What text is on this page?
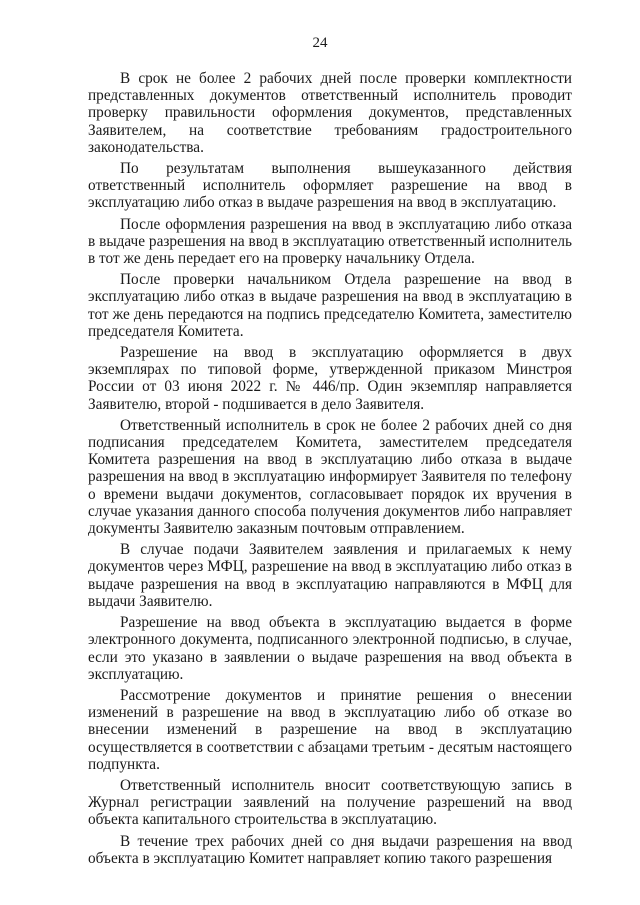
24

В срок не более 2 рабочих дней после проверки комплектности представленных документов ответственный исполнитель проводит проверку правильности оформления документов, представленных Заявителем, на соответствие требованиям градостроительного законодательства.

По результатам выполнения вышеуказанного действия ответственный исполнитель оформляет разрешение на ввод в эксплуатацию либо отказ в выдаче разрешения на ввод в эксплуатацию.

После оформления разрешения на ввод в эксплуатацию либо отказа в выдаче разрешения на ввод в эксплуатацию ответственный исполнитель в тот же день передает его на проверку начальнику Отдела.

После проверки начальником Отдела разрешение на ввод в эксплуатацию либо отказ в выдаче разрешения на ввод в эксплуатацию в тот же день передаются на подпись председателю Комитета, заместителю председателя Комитета.

Разрешение на ввод в эксплуатацию оформляется в двух экземплярах по типовой форме, утвержденной приказом Минстроя России от 03 июня 2022 г. № 446/пр. Один экземпляр направляется Заявителю, второй - подшивается в дело Заявителя.

Ответственный исполнитель в срок не более 2 рабочих дней со дня подписания председателем Комитета, заместителем председателя Комитета разрешения на ввод в эксплуатацию либо отказа в выдаче разрешения на ввод в эксплуатацию информирует Заявителя по телефону о времени выдачи документов, согласовывает порядок их вручения в случае указания данного способа получения документов либо направляет документы Заявителю заказным почтовым отправлением.

В случае подачи Заявителем заявления и прилагаемых к нему документов через МФЦ, разрешение на ввод в эксплуатацию либо отказ в выдаче разрешения на ввод в эксплуатацию направляются в МФЦ для выдачи Заявителю.

Разрешение на ввод объекта в эксплуатацию выдается в форме электронного документа, подписанного электронной подписью, в случае, если это указано в заявлении о выдаче разрешения на ввод объекта в эксплуатацию.

Рассмотрение документов и принятие решения о внесении изменений в разрешение на ввод в эксплуатацию либо об отказе во внесении изменений в разрешение на ввод в эксплуатацию осуществляется в соответствии с абзацами третьим - десятым настоящего подпункта.

Ответственный исполнитель вносит соответствующую запись в Журнал регистрации заявлений на получение разрешений на ввод объекта капитального строительства в эксплуатацию.

В течение трех рабочих дней со дня выдачи разрешения на ввод объекта в эксплуатацию Комитет направляет копию такого разрешения
